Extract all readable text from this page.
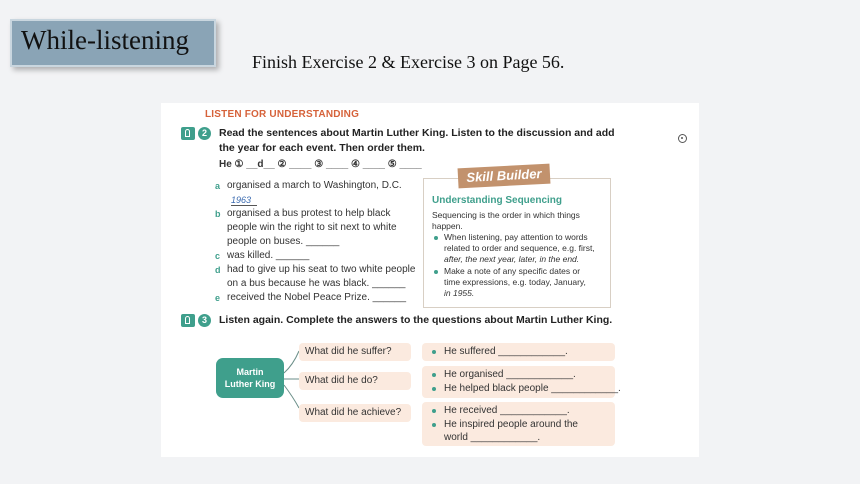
While-listening
Finish Exercise 2 & Exercise 3 on Page 56.
LISTEN FOR UNDERSTANDING
2	Read the sentences about Martin Luther King. Listen to the discussion and add
the year for each event. Then order them.
He ① __d__ ② ____ ③ ____ ④ ____ ⑤ ____
a organised a march to Washington, D.C.
1963
b organised a bus protest to help black
people win the right to sit next to white
people on buses. ______
c was killed. ______
d had to give up his seat to two white people
on a bus because he was black. ______
e received the Nobel Peace Prize. ______
Skill Builder
Understanding Sequencing
Sequencing is the order in which things
happen.
When listening, pay attention to words
related to order and sequence, e.g. first,
after, the next year, later, in the end.
Make a note of any specific dates or
time expressions, e.g. today, January,
in 1955.
3	Listen again. Complete the answers to the questions about Martin Luther King.
Martin
Luther King
What did he suffer?
What did he do?
What did he achieve?
He suffered ____________.
He organised ____________.
He helped black people ____________.
He received ____________.
He inspired people around the
world ____________.
